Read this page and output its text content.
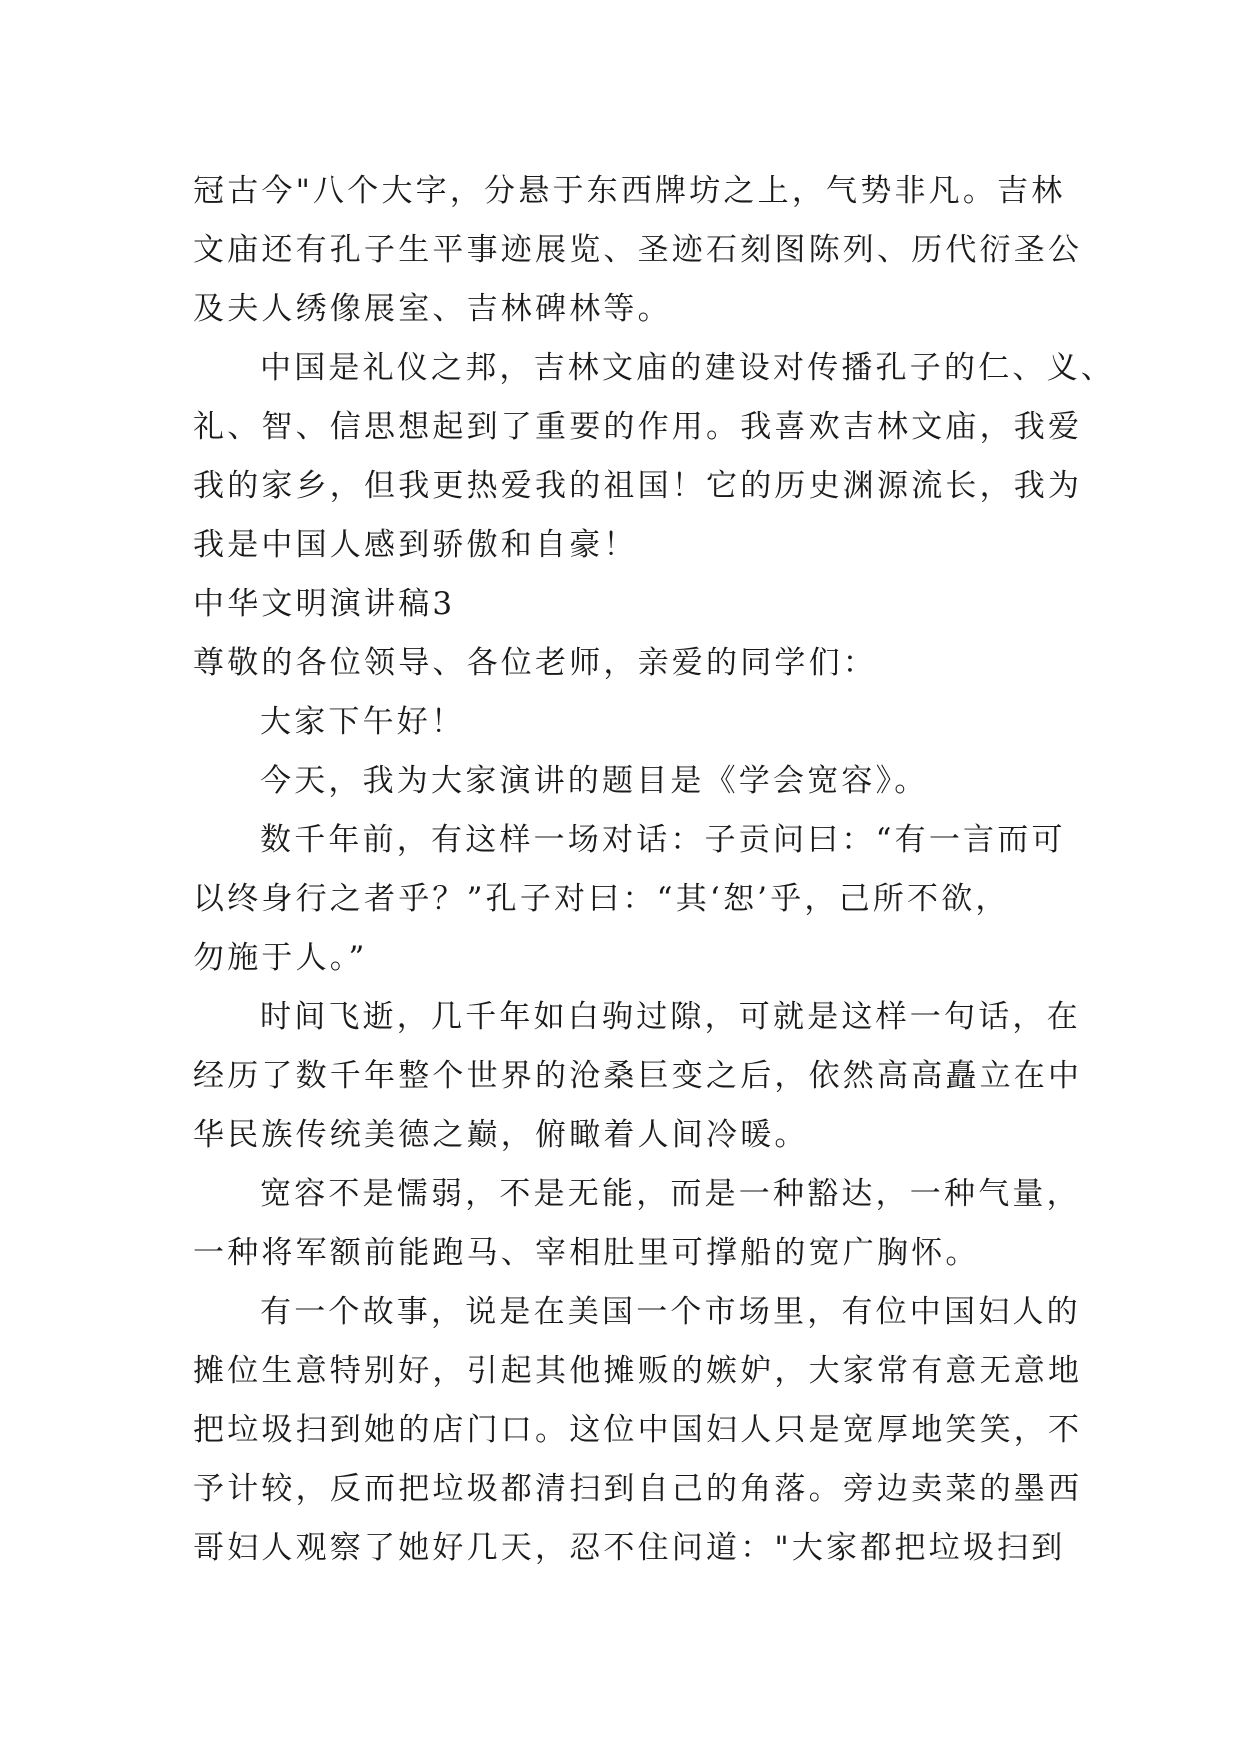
冠古今"八个大字，分悬于东西牌坊之上，气势非凡。吉林
文庙还有孔子生平事迹展览、圣迹石刻图陈列、历代衍圣公
及夫人绣像展室、吉林碑林等。
中国是礼仪之邦，吉林文庙的建设对传播孔子的仁、义、
礼、智、信思想起到了重要的作用。我喜欢吉林文庙，我爱
我的家乡，但我更热爱我的祖国！它的历史渊源流长，我为
我是中国人感到骄傲和自豪！
中华文明演讲稿3
尊敬的各位领导、各位老师，亲爱的同学们：
大家下午好！
今天，我为大家演讲的题目是《学会宽容》。
数千年前，有这样一场对话：子贡问曰：“有一言而可
以终身行之者乎？”孔子对曰：“其‘恕’乎，己所不欲，
勿施于人。”
时间飞逝，几千年如白驹过隙，可就是这样一句话，在
经历了数千年整个世界的沧桑巨变之后，依然高高矗立在中
华民族传统美德之巅，俯瞰着人间冷暖。
宽容不是懦弱，不是无能，而是一种豁达，一种气量，
一种将军额前能跑马、宰相肚里可撑船的宽广胸怀。
有一个故事，说是在美国一个市场里，有位中国妇人的
摊位生意特别好，引起其他摊贩的嫉妒，大家常有意无意地
把垃圾扫到她的店门口。这位中国妇人只是宽厚地笑笑，不
予计较，反而把垃圾都清扫到自己的角落。旁边卖菜的墨西
哥妇人观察了她好几天，忍不住问道："大家都把垃圾扫到
